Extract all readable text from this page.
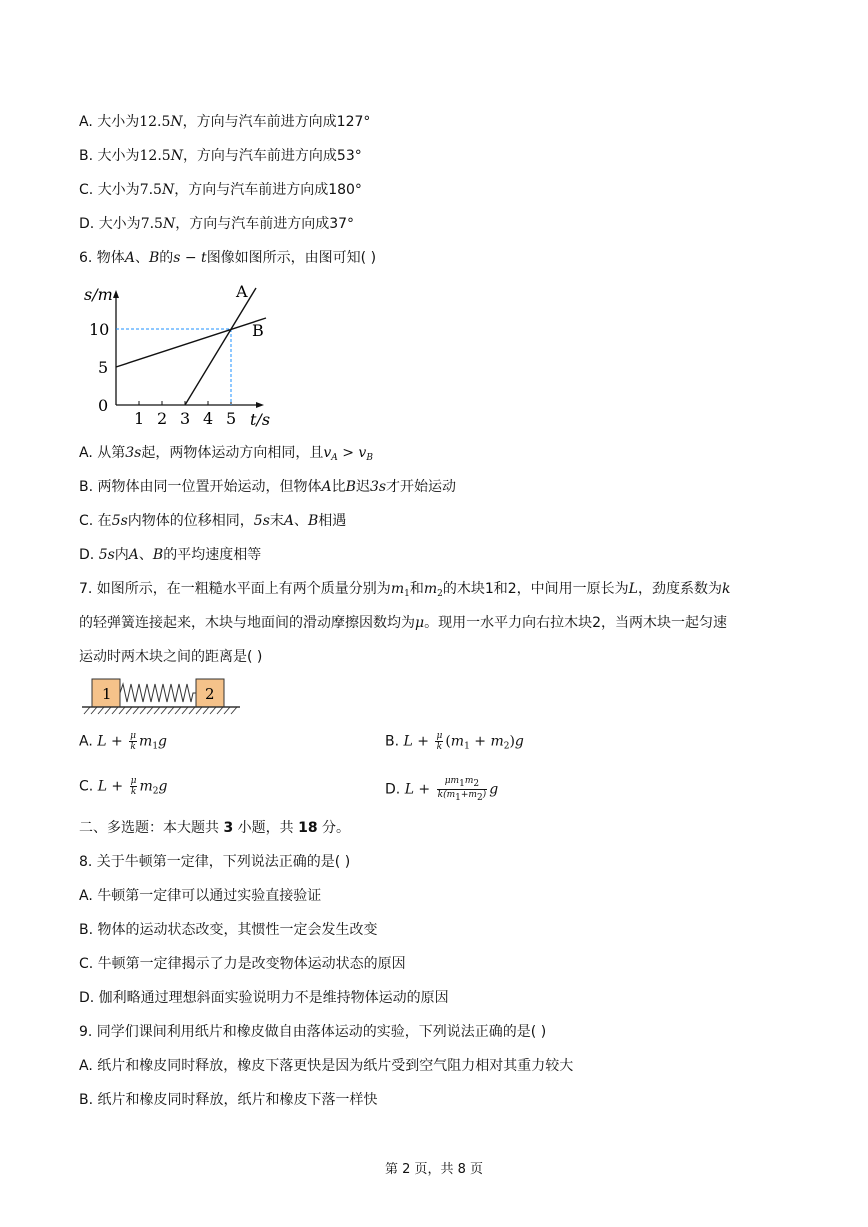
A. 大小为12.5N，方向与汽车前进方向成127°
B. 大小为12.5N，方向与汽车前进方向成53°
C. 大小为7.5N，方向与汽车前进方向成180°
D. 大小为7.5N，方向与汽车前进方向成37°
6. 物体A、B的s − t图像如图所示，由图可知( )
s/m
t/s
0
5
10
1 2 3 4 5
A
B
A. 从第3s起，两物体运动方向相同，且$v_A > v_B$
B. 两物体由同一位置开始运动，但物体A比B迟3s才开始运动
C. 在5s内物体的位移相同，5s末A、B相遇
D. 5s内A、B的平均速度相等
7. 如图所示，在一粗糙水平面上有两个质量分别为$m_1$和$m_2$的木块1和2，中间用一原长为L，劲度系数为k
的轻弹簧连接起来，木块与地面间的滑动摩擦因数均为μ。现用一水平力向右拉木块2，当两木块一起匀速
运动时两木块之间的距离是( )
1	2
A. $L + \frac{\mu}{k} m_1g$	B. $L + \frac{\mu}{k} (m_1 + m_2)g$
C. $L + \frac{\mu}{k} m_2g$	D. $L + \frac{\mu m_1m_2}{k(m_1+m_2)}$ g
二、多选题：本大题共 3 小题，共 18 分。
8. 关于牛顿第一定律，下列说法正确的是( )
A. 牛顿第一定律可以通过实验直接验证
B. 物体的运动状态改变，其惯性一定会发生改变
C. 牛顿第一定律揭示了力是改变物体运动状态的原因
D. 伽利略通过理想斜面实验说明力不是维持物体运动的原因
9. 同学们课间利用纸片和橡皮做自由落体运动的实验，下列说法正确的是( )
A. 纸片和橡皮同时释放，橡皮下落更快是因为纸片受到空气阻力相对其重力较大
B. 纸片和橡皮同时释放，纸片和橡皮下落一样快
第 2 页，共 8 页
